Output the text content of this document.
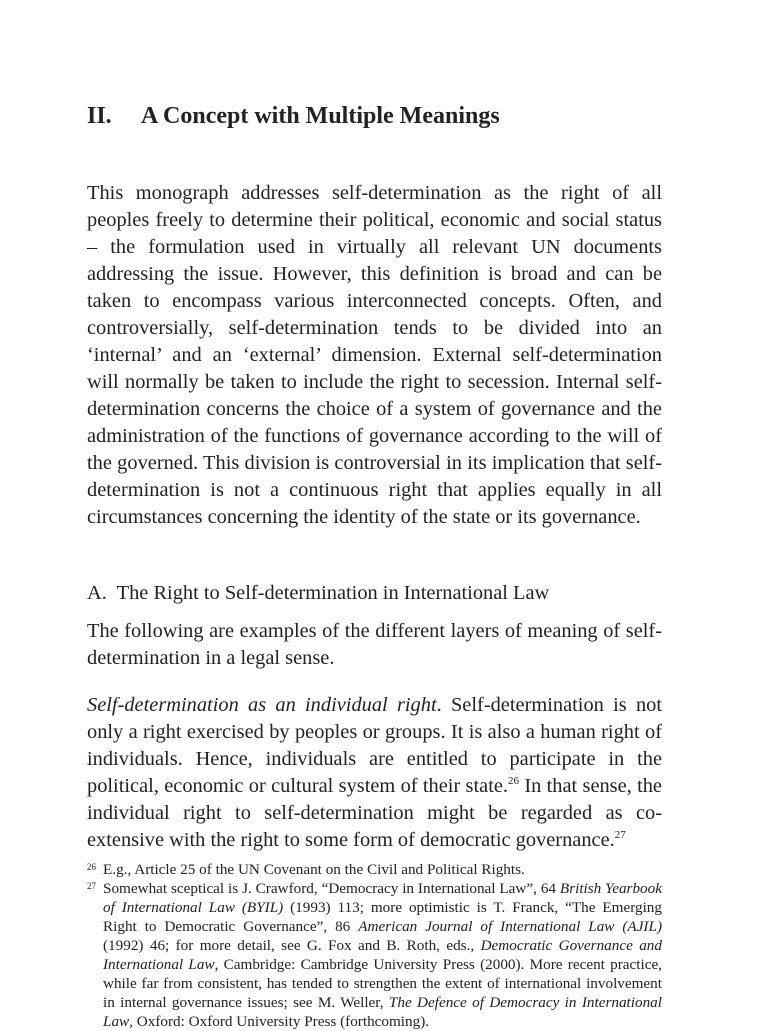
II. A Concept with Multiple Meanings

This monograph addresses self-determination as the right of all peoples freely to determine their political, economic and social status – the formulation used in virtually all relevant UN documents addressing the issue. However, this definition is broad and can be taken to encompass various interconnected concepts. Often, and controversially, self-determination tends to be divided into an ‘internal’ and an ‘external’ dimension. External self-determination will normally be taken to include the right to secession. Internal self-determination concerns the choice of a system of governance and the administration of the functions of governance according to the will of the governed. This division is controversial in its implication that self-determination is not a continuous right that applies equally in all circumstances concerning the identity of the state or its governance.

A. The Right to Self-determination in International Law

The following are examples of the different layers of meaning of self-determination in a legal sense.

Self-determination as an individual right. Self-determination is not only a right exercised by peoples or groups. It is also a human right of individuals. Hence, individuals are entitled to participate in the political, economic or cultural system of their state.$^{26}$ In that sense, the individual right to self-determination might be regarded as co-extensive with the right to some form of democratic governance.$^{27}$

26 E.g., Article 25 of the UN Covenant on the Civil and Political Rights.

27 Somewhat sceptical is J. Crawford, “Democracy in International Law”, 64 British Yearbook of International Law (BYIL) (1993) 113; more optimistic is T. Franck, “The Emerging Right to Democratic Governance”, 86 American Journal of International Law (AJIL) (1992) 46; for more detail, see G. Fox and B. Roth, eds., Democratic Governance and International Law, Cambridge: Cambridge University Press (2000). More recent practice, while far from consistent, has tended to strengthen the extent of international involvement in internal governance issues; see M. Weller, The Defence of Democracy in International Law, Oxford: Oxford University Press (forthcoming).
